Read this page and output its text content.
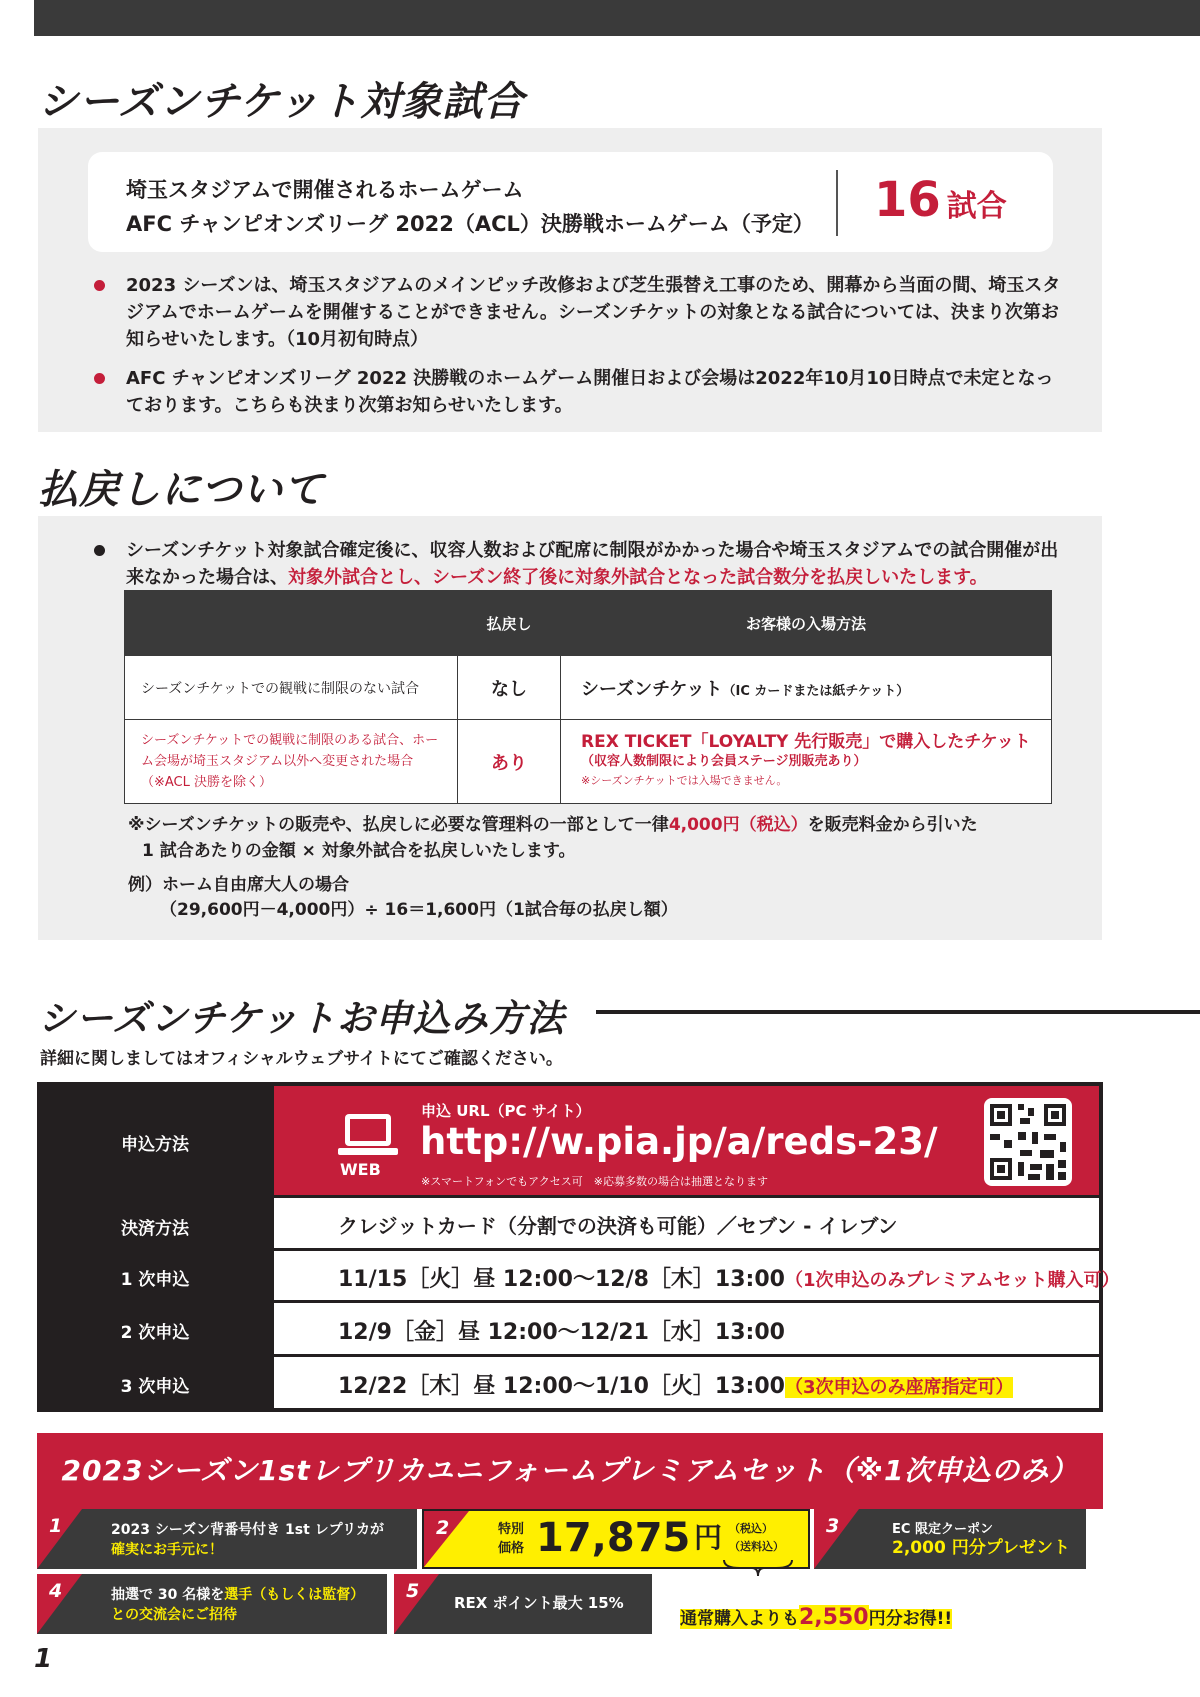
シーズンチケット対象試合
埼玉スタジアムで開催されるホームゲーム
AFC チャンピオンズリーグ 2022（ACL）決勝戦ホームゲーム（予定） 16 試合
2023 シーズンは、埼玉スタジアムのメインピッチ改修および芝生張替え工事のため、開幕から当面の間、埼玉スタジアムでホームゲームを開催することができません。シーズンチケットの対象となる試合については、決まり次第お知らせいたします。（10月初旬時点）
AFC チャンピオンズリーグ 2022 決勝戦のホームゲーム開催日および会場は2022年10月10日時点で未定となっております。こちらも決まり次第お知らせいたします。
払戻しについて
シーズンチケット対象試合確定後に、収容人数および配席に制限がかかった場合や埼玉スタジアムでの試合開催が出来なかった場合は、対象外試合とし、シーズン終了後に対象外試合となった試合数分を払戻しいたします。
	払戻し	お客様の入場方法
シーズンチケットでの観戦に制限のない試合	なし	シーズンチケット（IC カードまたは紙チケット）
シーズンチケットでの観戦に制限のある試合、ホーム会場が埼玉スタジアム以外へ変更された場合（※ACL 決勝を除く）	あり	REX TICKET「LOYALTY 先行販売」で購入したチケット
（収容人数制限により会員ステージ別販売あり）
※シーズンチケットでは入場できません。
※シーズンチケットの販売や、払戻しに必要な管理料の一部として一律4,000円（税込）を販売料金から引いた
1 試合あたりの金額 × 対象外試合を払戻しいたします。
例）ホーム自由席大人の場合
（29,600円－4,000円）÷ 16＝1,600円（1試合毎の払戻し額）
シーズンチケットお申込み方法
詳細に関しましてはオフィシャルウェブサイトにてご確認ください。
申込方法
WEB
申込 URL（PC サイト）
http://w.pia.jp/a/reds-23/
※スマートフォンでもアクセス可　※応募多数の場合は抽選となります
決済方法	クレジットカード（分割での決済も可能）／セブン - イレブン
1 次申込	11/15［火］昼 12:00～12/8［木］13:00（1次申込のみプレミアムセット購入可）
2 次申込	12/9［金］昼 12:00～12/21［水］13:00
3 次申込	12/22［木］昼 12:00～1/10［火］13:00（3次申込のみ座席指定可）
2023シーズン1stレプリカユニフォームプレミアムセット（※1次申込のみ）
1	2023 シーズン背番号付き 1st レプリカが
確実にお手元に！
2	特別
価格 17,875 円 （税込）
（送料込）
3	EC 限定クーポン
2,000 円分プレゼント
4	抽選で 30 名様を選手（もしくは監督）
との交流会にご招待
5
REX ポイント最大 15%
通常購入よりも2,550円分お得!!
1
